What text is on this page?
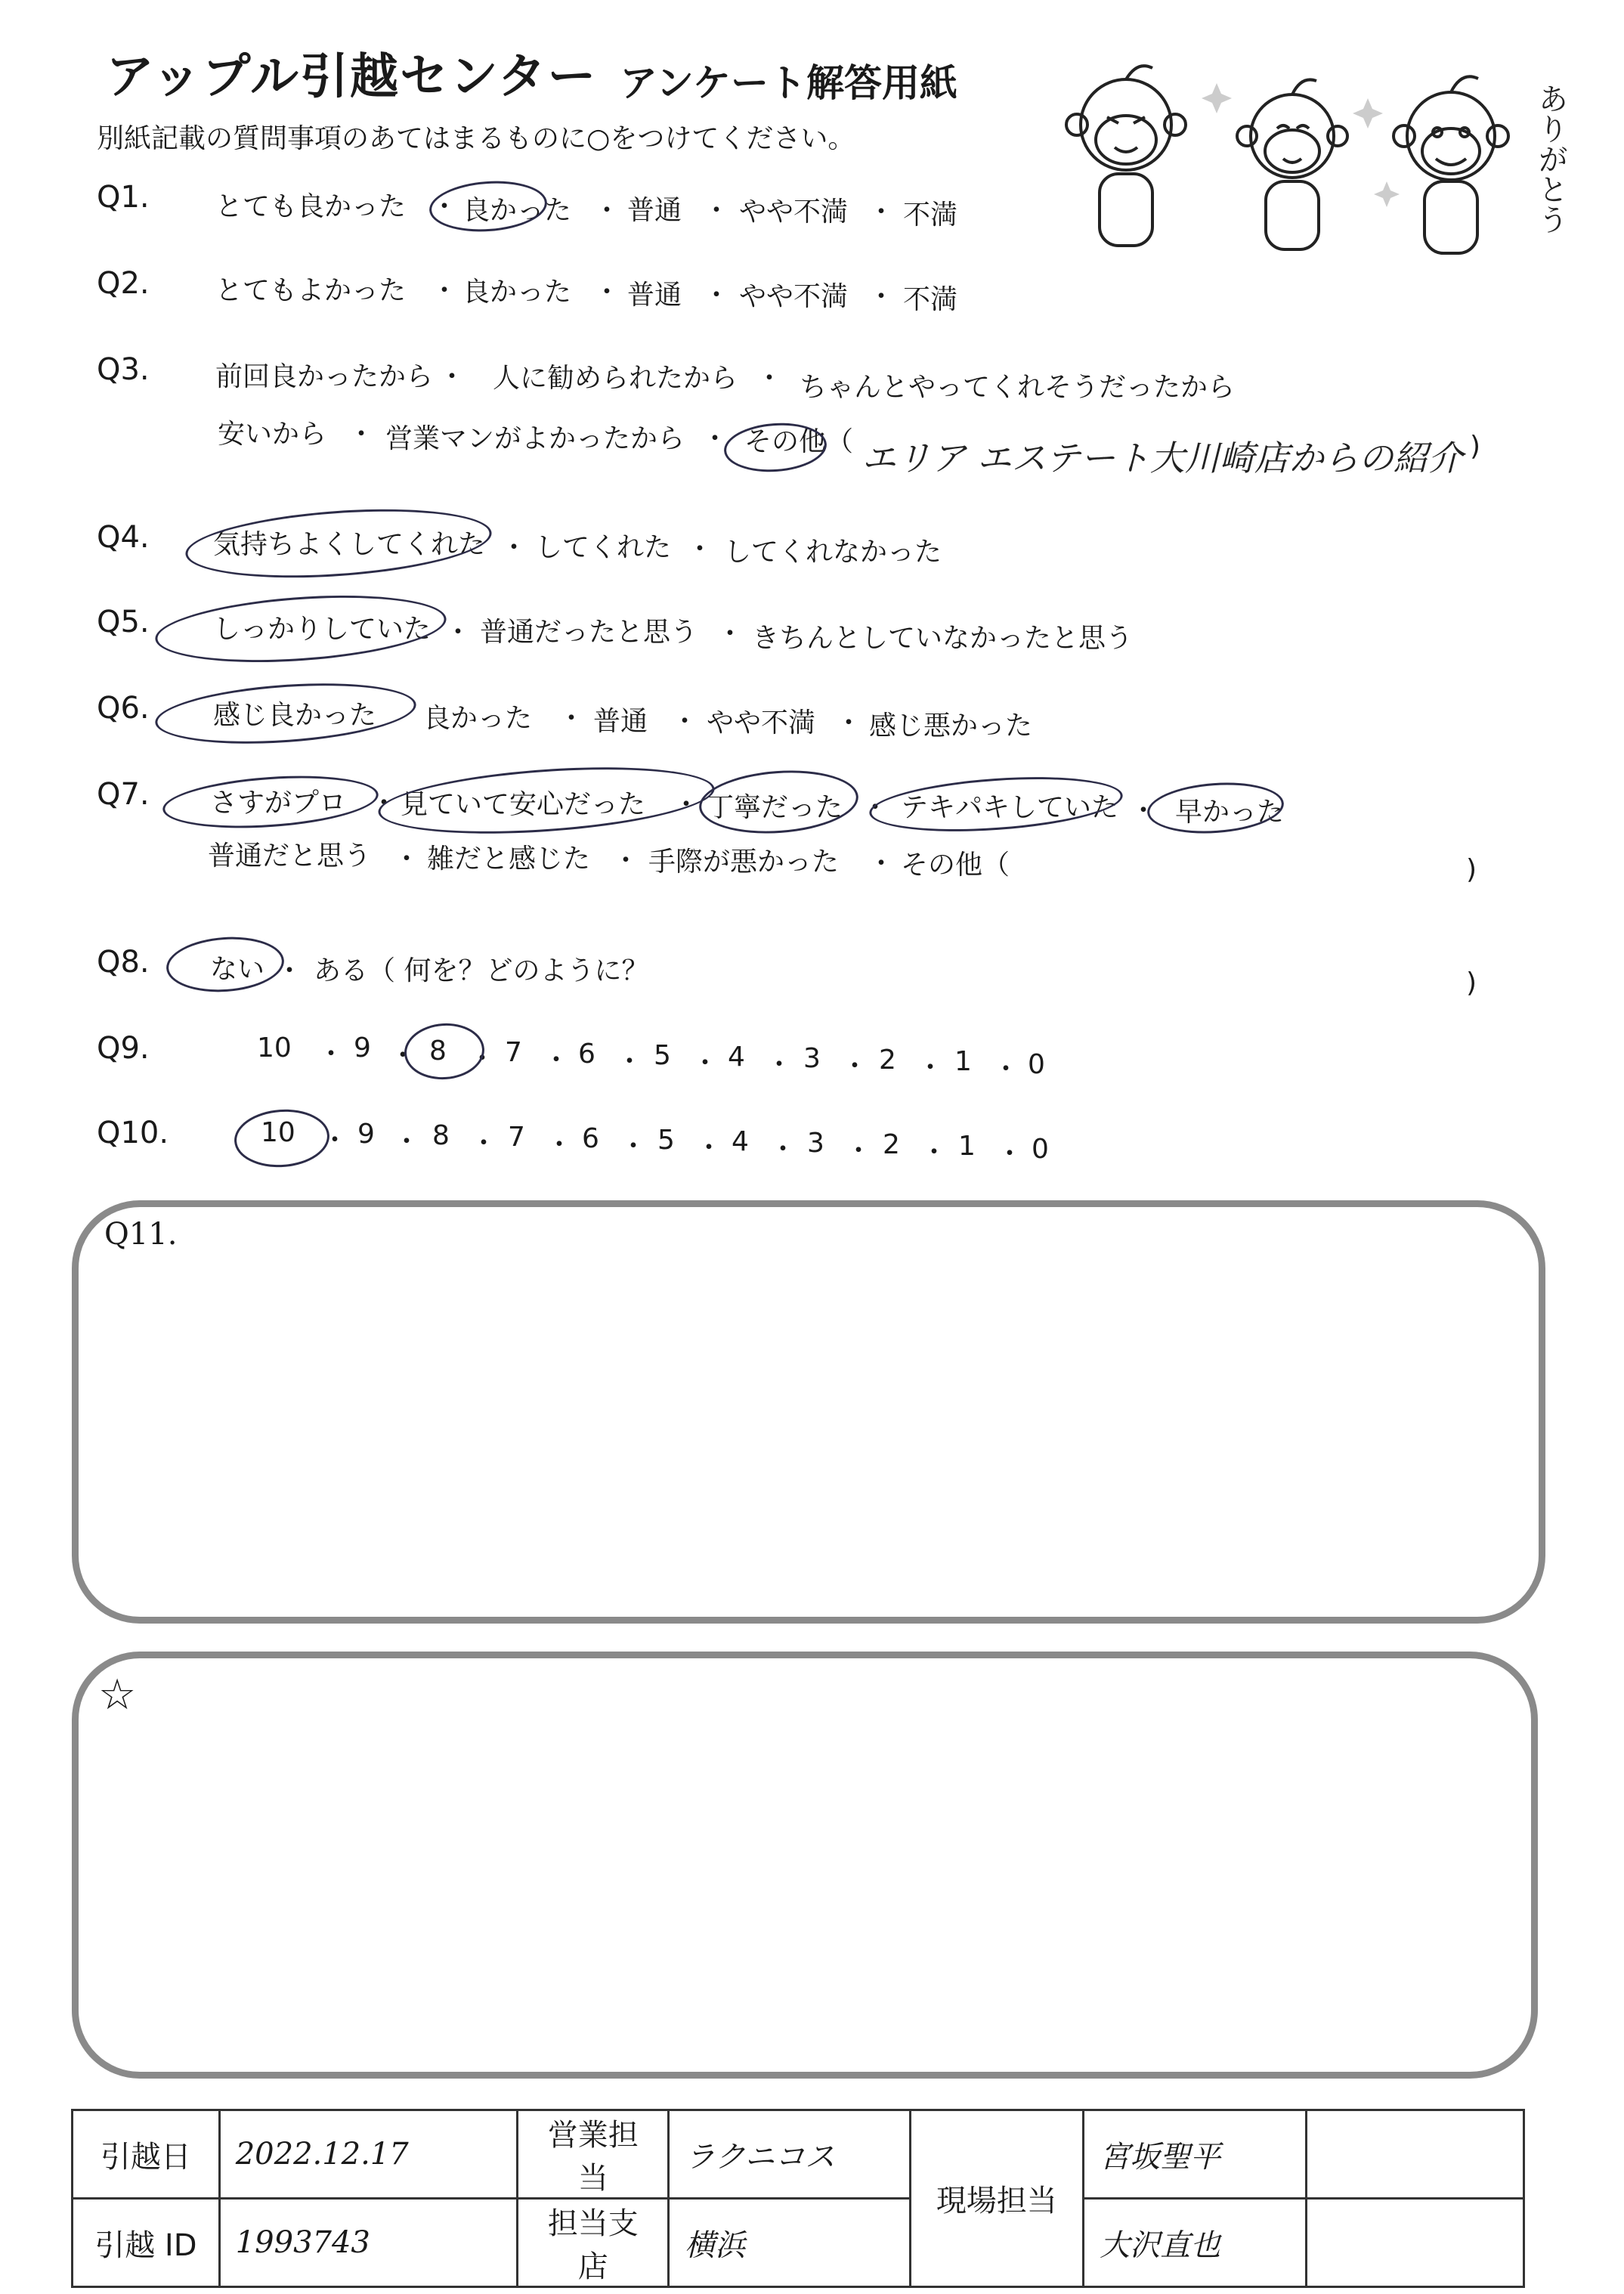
アップル引越センター アンケート解答用紙
別紙記載の質問事項のあてはまるものに○をつけてください。	ありがとう
Q1. とても良かった ・ 良かった ・ 普通 ・ やや不満 ・ 不満
Q2. とてもよかった ・ 良かった ・ 普通 ・ やや不満 ・ 不満
Q3. 前回良かったから ・ 人に勧められたから ・ ちゃんとやってくれそうだったから
安いから ・ 営業マンがよかったから ・ その他（ エリア エステート大川崎店からの紹介 )
Q4. 気持ちよくしてくれた ・ してくれた ・ してくれなかった
Q5. しっかりしていた ・ 普通だったと思う ・ きちんとしていなかったと思う
Q6. 感じ良かった 良かった ・ 普通 ・ やや不満 ・ 感じ悪かった
Q7. さすがプロ ・ 見ていて安心だった ・ 丁寧だった ・ テキパキしていた ・ 早かった
普通だと思う ・ 雑だと感じた ・ 手際が悪かった ・ その他（	)
Q8. ない ・ ある（ 何を？どのように？	)
Q9.	10 ・ 9 ・ 8 ・ 7 ・ 6 ・ 5 ・ 4 ・ 3 ・ 2 ・ 1 ・ 0
Q10.	10 ・ 9 ・ 8 ・ 7 ・ 6 ・ 5 ・ 4 ・ 3 ・ 2 ・ 1 ・ 0
Q11.
☆
引越日	2022.12.17	営業担当	ラクニコス	現場担当	宮坂聖平	
引越 ID	1993743	担当支店	横浜		大沢直也	
